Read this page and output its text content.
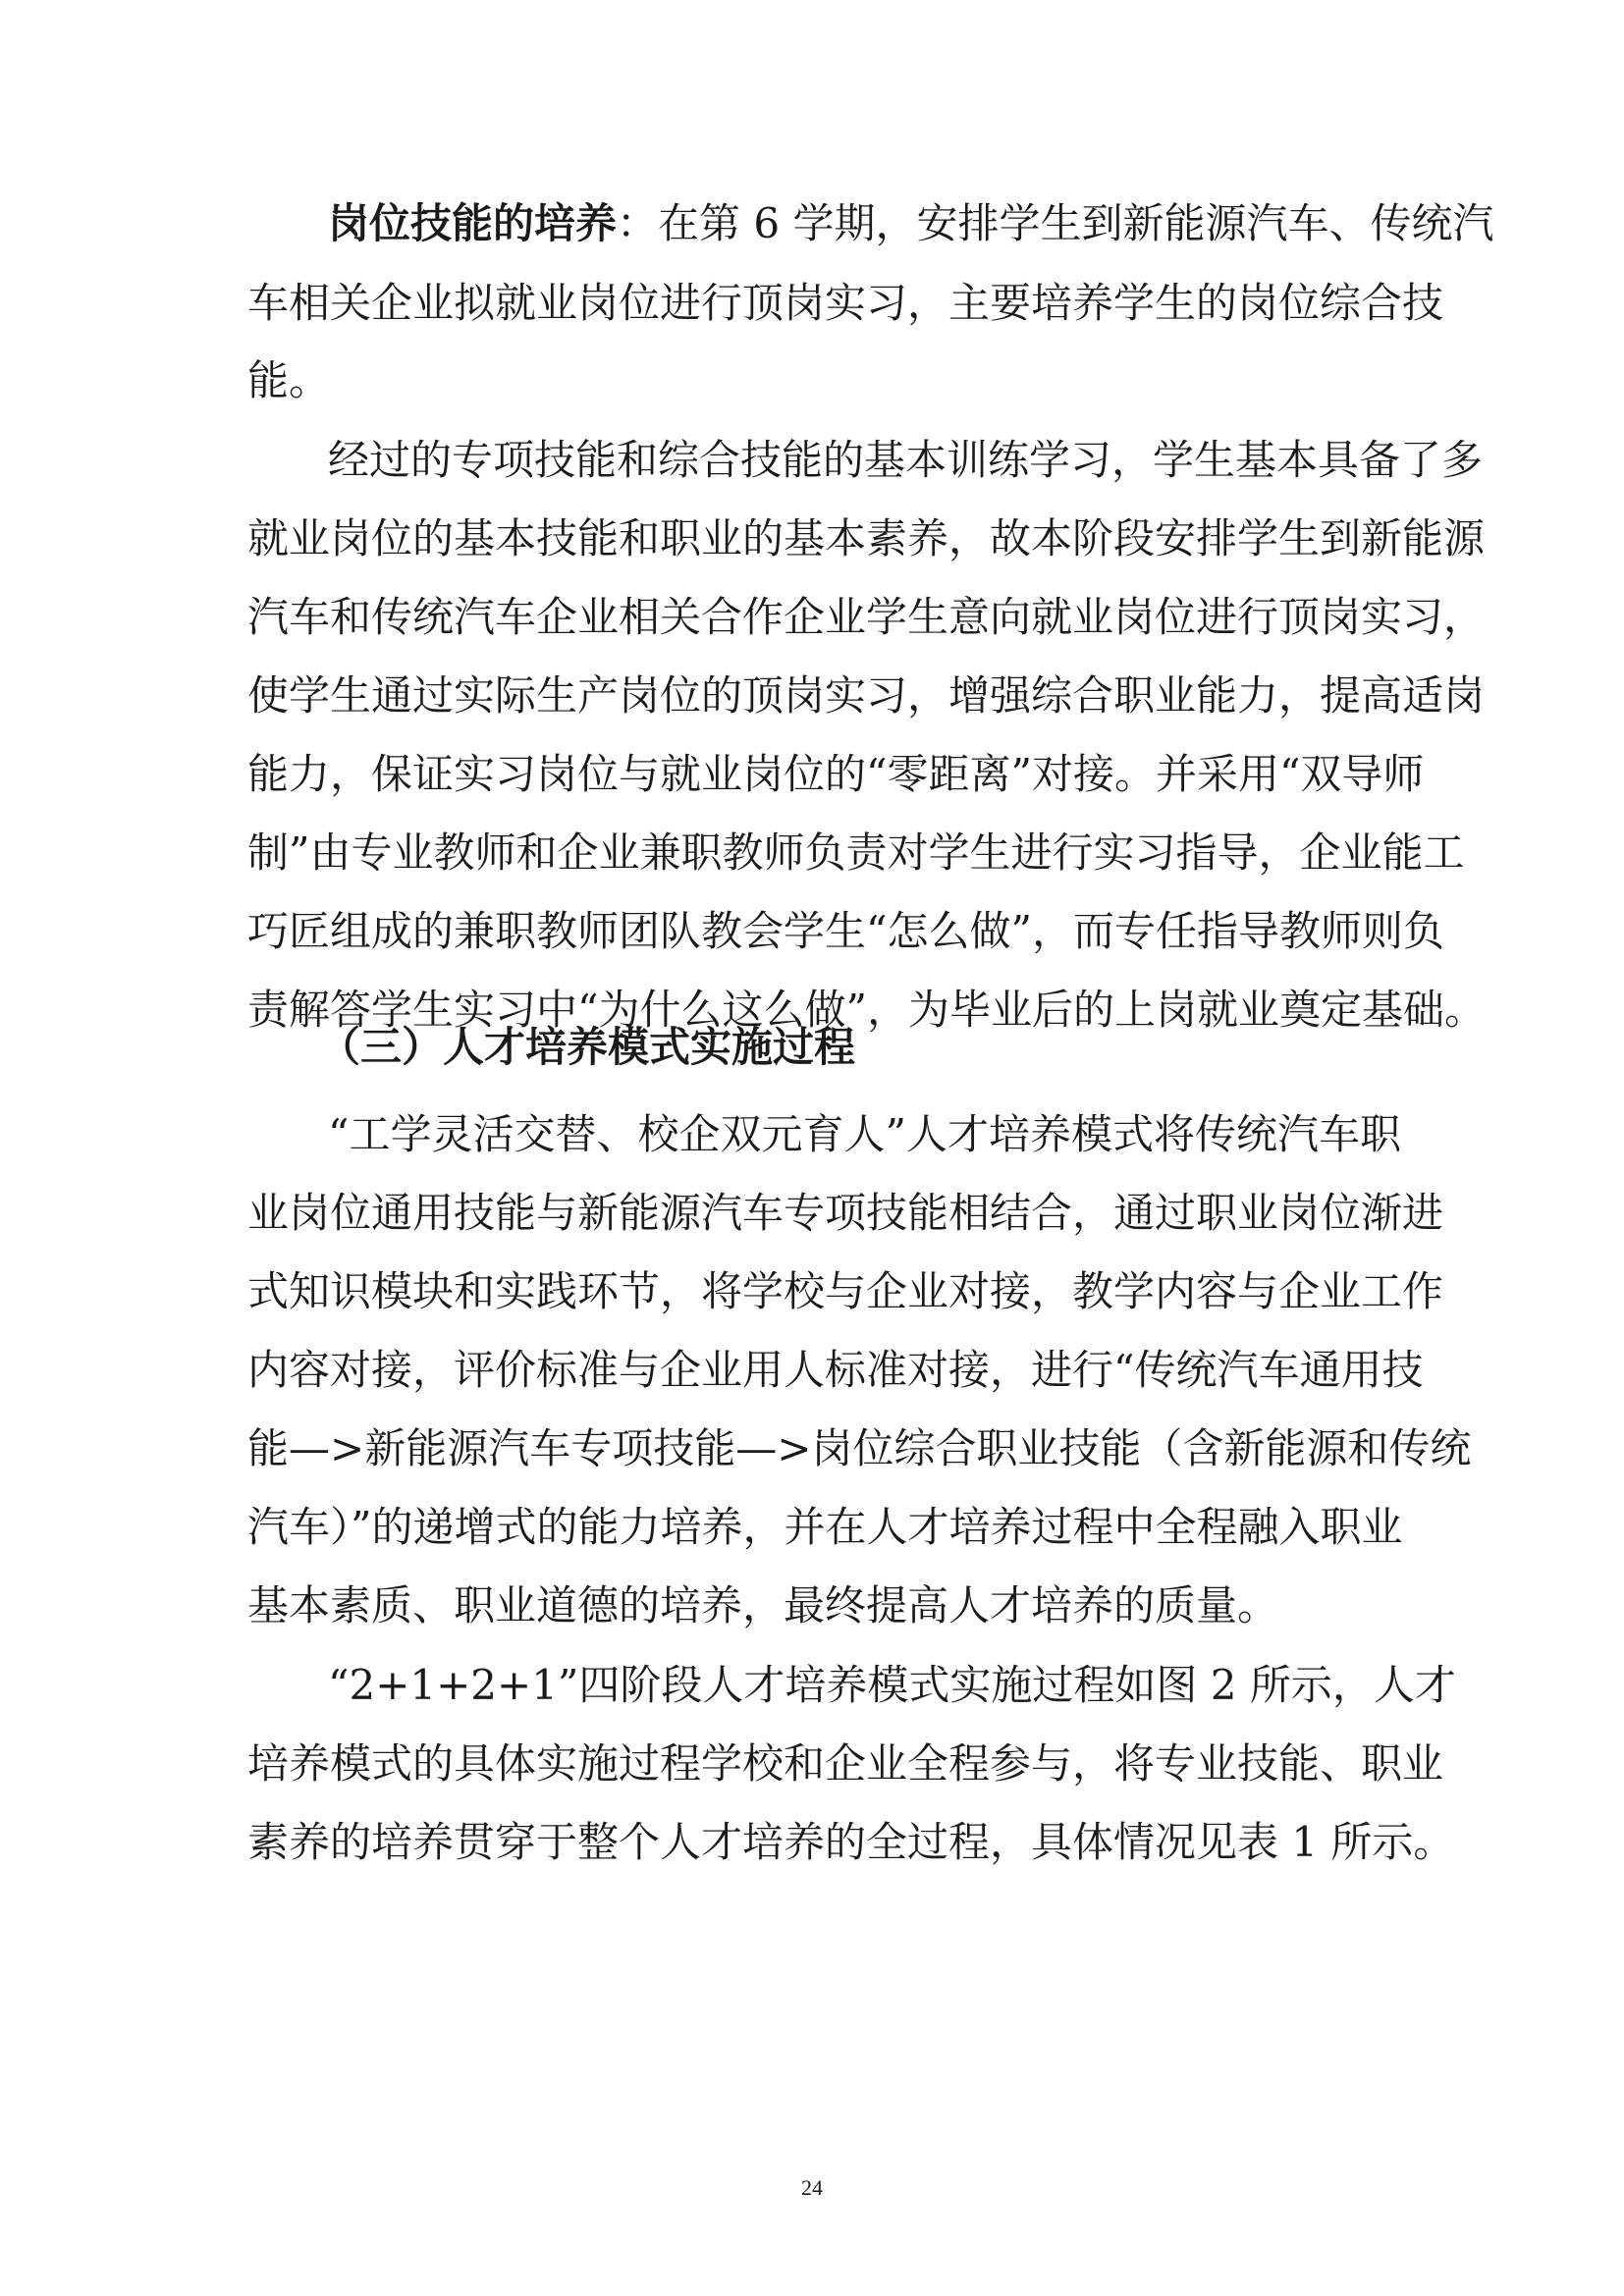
岗位技能的培养：在第 6 学期，安排学生到新能源汽车、传统汽

车相关企业拟就业岗位进行顶岗实习，主要培养学生的岗位综合技

能。

经过的专项技能和综合技能的基本训练学习，学生基本具备了多

就业岗位的基本技能和职业的基本素养，故本阶段安排学生到新能源

汽车和传统汽车企业相关合作企业学生意向就业岗位进行顶岗实习，

使学生通过实际生产岗位的顶岗实习，增强综合职业能力，提高适岗

能力，保证实习岗位与就业岗位的“零距离”对接。并采用“双导师

制”由专业教师和企业兼职教师负责对学生进行实习指导，企业能工

巧匠组成的兼职教师团队教会学生“怎么做”，而专任指导教师则负

责解答学生实习中“为什么这么做”，为毕业后的上岗就业奠定基础。

（三）人才培养模式实施过程

“工学灵活交替、校企双元育人”人才培养模式将传统汽车职

业岗位通用技能与新能源汽车专项技能相结合，通过职业岗位渐进

式知识模块和实践环节，将学校与企业对接，教学内容与企业工作

内容对接，评价标准与企业用人标准对接，进行“传统汽车通用技

能—>新能源汽车专项技能—>岗位综合职业技能（含新能源和传统

汽车）”的递增式的能力培养，并在人才培养过程中全程融入职业

基本素质、职业道德的培养，最终提高人才培养的质量。

“2+1+2+1”四阶段人才培养模式实施过程如图 2 所示，人才

培养模式的具体实施过程学校和企业全程参与，将专业技能、职业

素养的培养贯穿于整个人才培养的全过程，具体情况见表 1 所示。

24
